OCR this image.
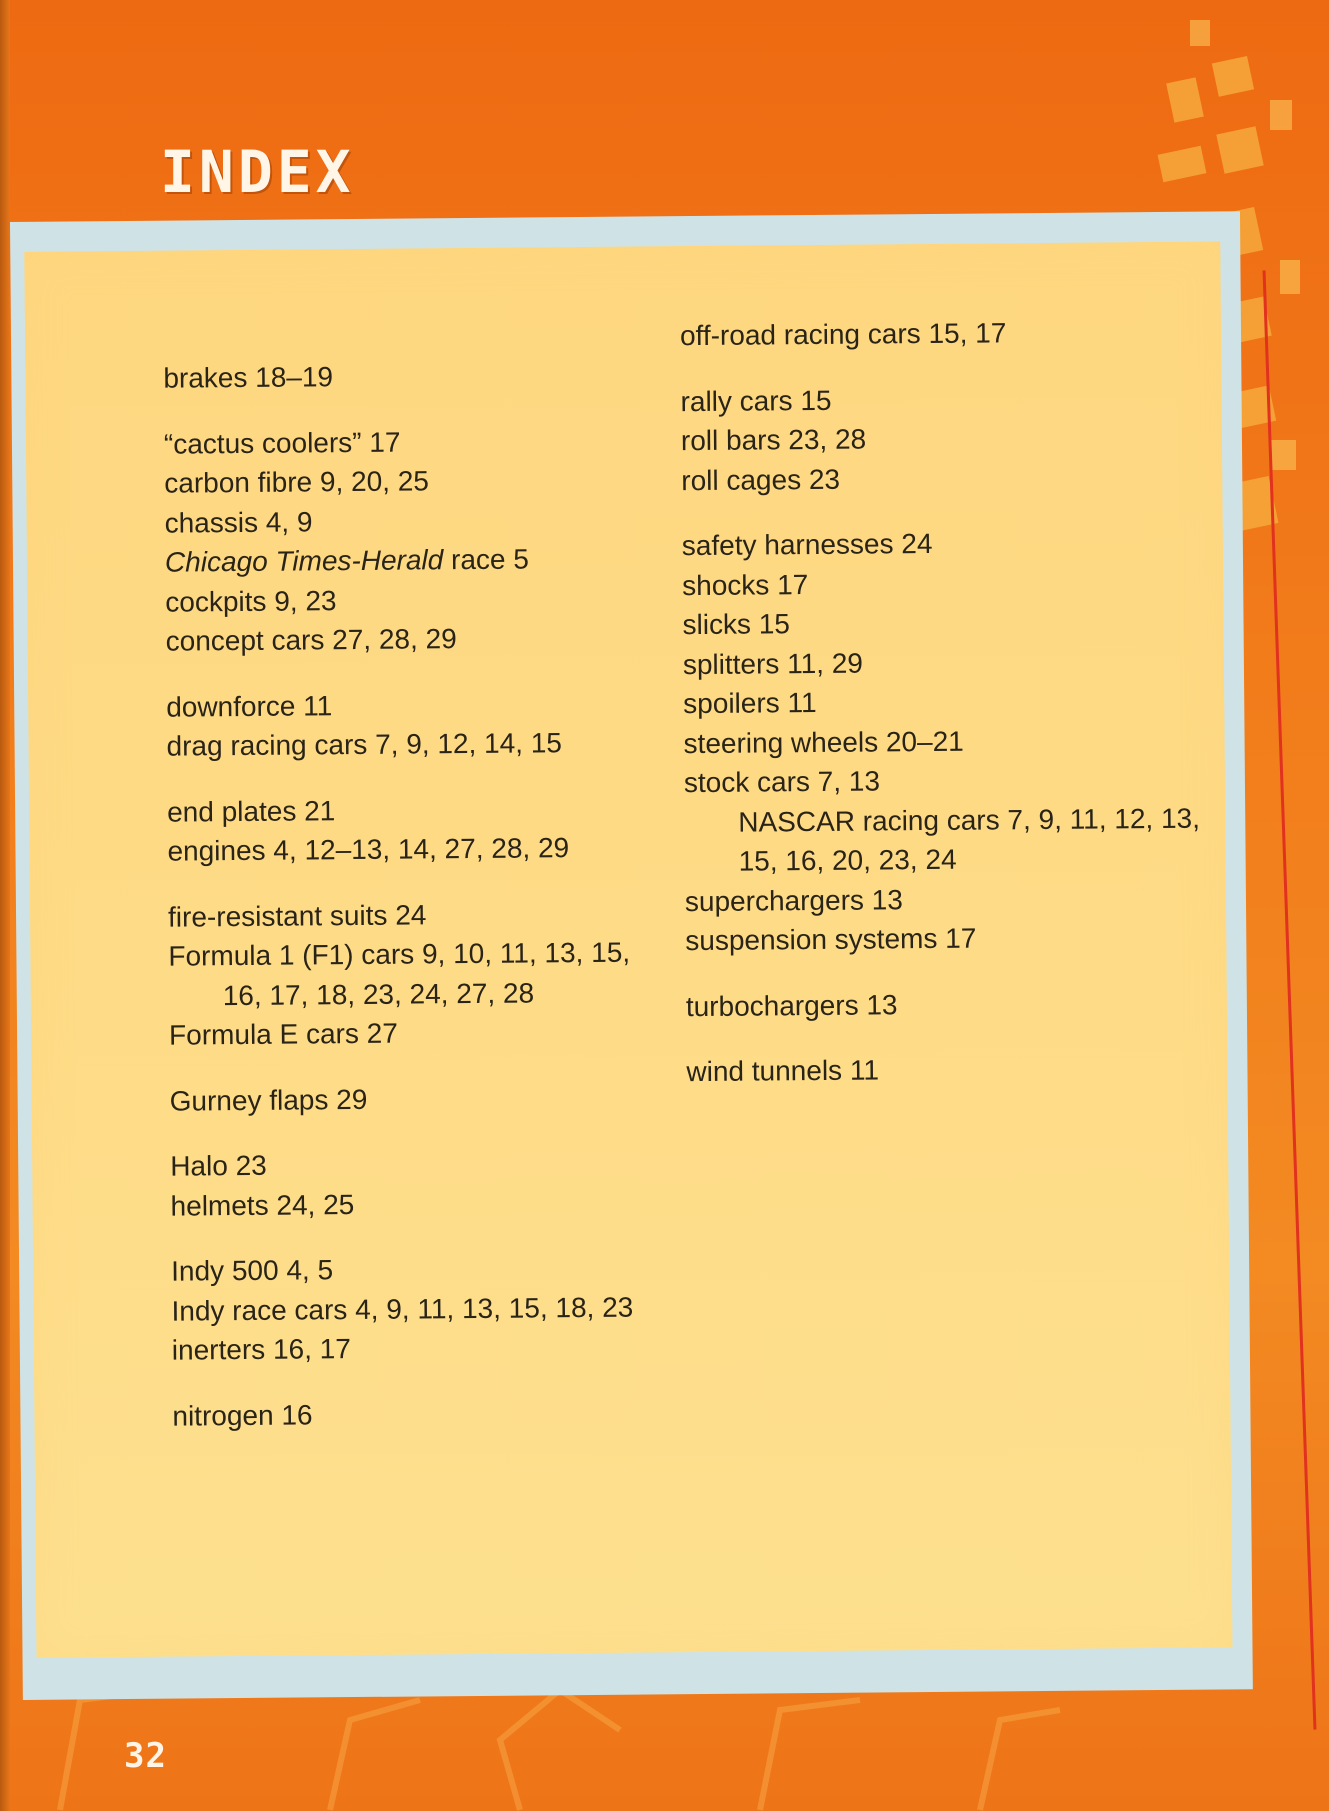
INDEX
brakes 18–19
“cactus coolers” 17
carbon fibre 9, 20, 25
chassis 4, 9
Chicago Times-Herald race 5
cockpits 9, 23
concept cars 27, 28, 29
downforce 11
drag racing cars 7, 9, 12, 14, 15
end plates 21
engines 4, 12–13, 14, 27, 28, 29
fire-resistant suits 24
Formula 1 (F1) cars 9, 10, 11, 13, 15, 16, 17, 18, 23, 24, 27, 28
Formula E cars 27
Gurney flaps 29
Halo 23
helmets 24, 25
Indy 500 4, 5
Indy race cars 4, 9, 11, 13, 15, 18, 23
inerters 16, 17
nitrogen 16
off-road racing cars 15, 17
rally cars 15
roll bars 23, 28
roll cages 23
safety harnesses 24
shocks 17
slicks 15
splitters 11, 29
spoilers 11
steering wheels 20–21
stock cars 7, 13
NASCAR racing cars 7, 9, 11, 12, 13, 15, 16, 20, 23, 24
superchargers 13
suspension systems 17
turbochargers 13
wind tunnels 11
32
